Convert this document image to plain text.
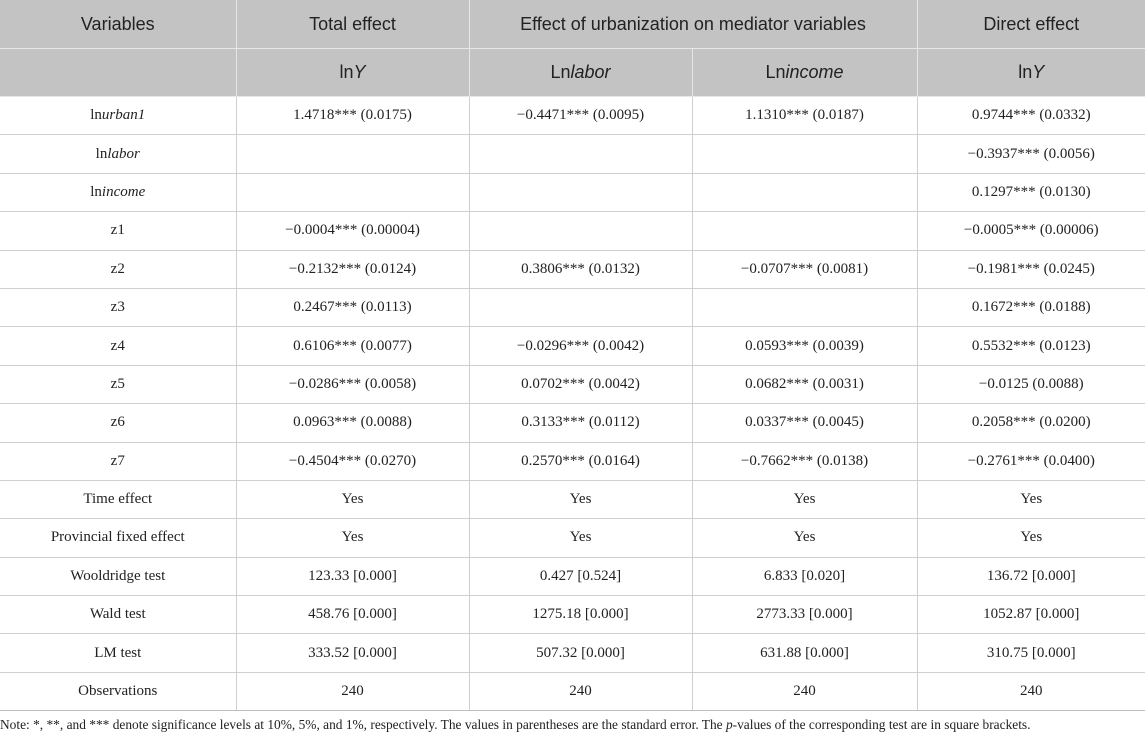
Variables	Total effect	Effect of urbanization on mediator variables		Direct effect
	lnY	Lnlabor	Lnincome	lnY
lnurban1	1.4718*** (0.0175)	−0.4471*** (0.0095)	1.1310*** (0.0187)	0.9744*** (0.0332)
lnlabor				−0.3937*** (0.0056)
lnincome				0.1297*** (0.0130)
z1	−0.0004*** (0.00004)			−0.0005*** (0.00006)
z2	−0.2132*** (0.0124)	0.3806*** (0.0132)	−0.0707*** (0.0081)	−0.1981*** (0.0245)
z3	0.2467*** (0.0113)			0.1672*** (0.0188)
z4	0.6106*** (0.0077)	−0.0296*** (0.0042)	0.0593*** (0.0039)	0.5532*** (0.0123)
z5	−0.0286*** (0.0058)	0.0702*** (0.0042)	0.0682*** (0.0031)	−0.0125 (0.0088)
z6	0.0963*** (0.0088)	0.3133*** (0.0112)	0.0337*** (0.0045)	0.2058*** (0.0200)
z7	−0.4504*** (0.0270)	0.2570*** (0.0164)	−0.7662*** (0.0138)	−0.2761*** (0.0400)
Time effect	Yes	Yes	Yes	Yes
Provincial fixed effect	Yes	Yes	Yes	Yes
Wooldridge test	123.33 [0.000]	0.427 [0.524]	6.833 [0.020]	136.72 [0.000]
Wald test	458.76 [0.000]	1275.18 [0.000]	2773.33 [0.000]	1052.87 [0.000]
LM test	333.52 [0.000]	507.32 [0.000]	631.88 [0.000]	310.75 [0.000]
Observations	240	240	240	240
Note: *, **, and *** denote significance levels at 10%, 5%, and 1%, respectively. The values in parentheses are the standard error. The p-values of the corresponding test are in square brackets.
